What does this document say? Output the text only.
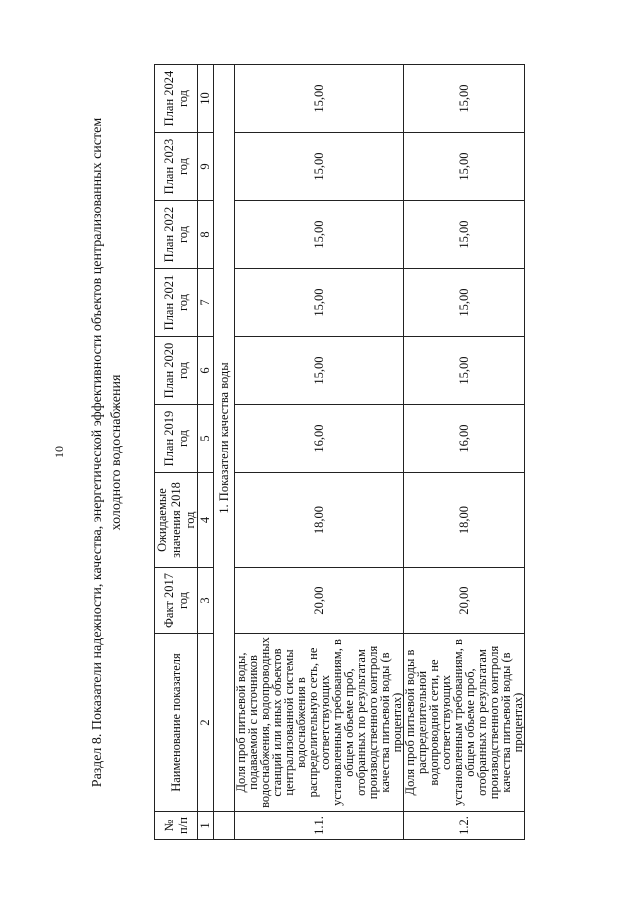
10 Раздел 8. Показатели надежности, качества, энергетической эффективности объектов централизованных систем холодного водоснабжения
№ п/п	Наименование показателя	Факт 2017 год	Ожидаемые значения 2018 год	План 2019 год	План 2020 год	План 2021 год	План 2022 год	План 2023 год	План 2024 год
1	2	3	4	5	6	7	8	9	10
	1. Показатели качества воды								
1.1.	Доля проб питьевой воды, подаваемой с источников водоснабжения, водопроводных станций или иных объектов централизованной системы водоснабжения в распределительную сеть, не соответствующих установленным требованиям, в общем объеме проб, отобранных по результатам производственного контроля качества питьевой воды (в процентах)	20,00	18,00	16,00	15,00	15,00	15,00	15,00	15,00
1.2.	Доля проб питьевой воды в распределительной водопроводной сети, не соответствующих установленным требованиям, в общем объеме проб, отобранных по результатам производственного контроля качества питьевой воды (в процентах)	20,00	18,00	16,00	15,00	15,00	15,00	15,00	15,00
